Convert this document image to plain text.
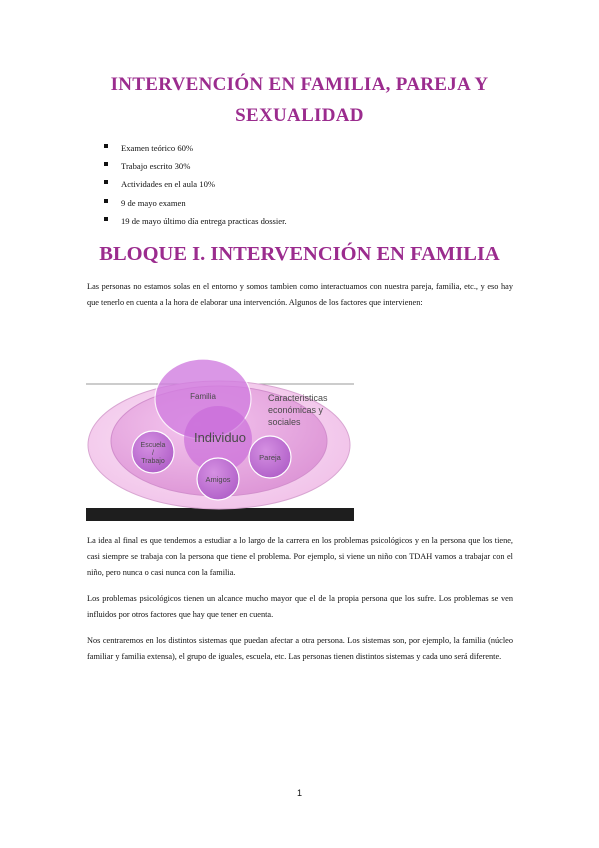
INTERVENCIÓN EN FAMILIA, PAREJA Y
SEXUALIDAD
Examen teórico 60%
Trabajo escrito 30%
Actividades en el aula 10%
9 de mayo examen
19 de mayo último día entrega practicas dossier.
BLOQUE I. INTERVENCIÓN EN FAMILIA

Las personas no estamos solas en el entorno y somos tambien como interactuamos con nuestra pareja, familia, etc., y eso hay que tenerlo en cuenta a la hora de elaborar una intervención. Algunos de los factores que intervienen:

Familia
Individuo
Caracteristicas
económicas y
sociales
Escuela
/
Trabajo	Pareja
Amigos

La idea al final es que tendemos a estudiar a lo largo de la carrera en los problemas psicológicos y en la persona que los tiene, casi siempre se trabaja con la persona que tiene el problema. Por ejemplo, si viene un niño con TDAH vamos a trabajar con el niño, pero nunca o casi nunca con la familia.

Los problemas psicológicos tienen un alcance mucho mayor que el de la propia persona que los sufre. Los problemas se ven influidos por otros factores que hay que tener en cuenta.

Nos centraremos en los distintos sistemas que puedan afectar a otra persona. Los sistemas son, por ejemplo, la familia (núcleo familiar y familia extensa), el grupo de iguales, escuela, etc. Las personas tienen distintos sistemas y cada uno será diferente.

1
